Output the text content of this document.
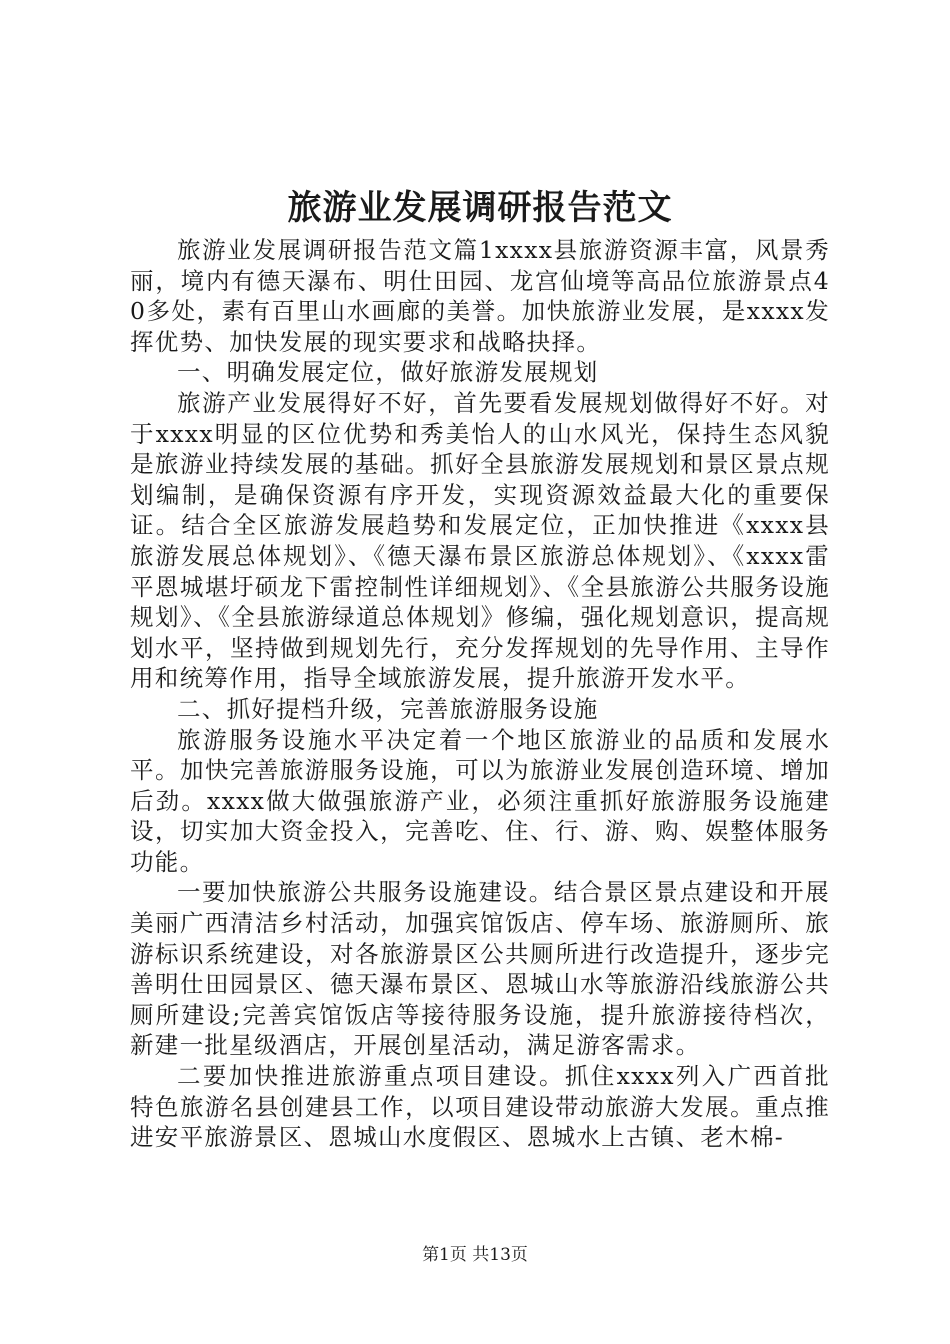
旅游业发展调研报告范文

旅游业发展调研报告范文篇1xxxx县旅游资源丰富，风景秀丽，境内有德天瀑布、明仕田园、龙宫仙境等高品位旅游景点40多处，素有百里山水画廊的美誉。加快旅游业发展，是xxxx发挥优势、加快发展的现实要求和战略抉择。

一、明确发展定位，做好旅游发展规划

旅游产业发展得好不好，首先要看发展规划做得好不好。对于xxxx明显的区位优势和秀美怡人的山水风光，保持生态风貌是旅游业持续发展的基础。抓好全县旅游发展规划和景区景点规划编制，是确保资源有序开发，实现资源效益最大化的重要保证。结合全区旅游发展趋势和发展定位，正加快推进《xxxx县旅游发展总体规划》、《德天瀑布景区旅游总体规划》、《xxxx雷平恩城堪圩硕龙下雷控制性详细规划》、《全县旅游公共服务设施规划》、《全县旅游绿道总体规划》修编，强化规划意识，提高规划水平，坚持做到规划先行，充分发挥规划的先导作用、主导作用和统筹作用，指导全域旅游发展，提升旅游开发水平。

二、抓好提档升级，完善旅游服务设施

旅游服务设施水平决定着一个地区旅游业的品质和发展水平。加快完善旅游服务设施，可以为旅游业发展创造环境、增加后劲。xxxx做大做强旅游产业，必须注重抓好旅游服务设施建设，切实加大资金投入，完善吃、住、行、游、购、娱整体服务功能。

一要加快旅游公共服务设施建设。结合景区景点建设和开展美丽广西清洁乡村活动，加强宾馆饭店、停车场、旅游厕所、旅游标识系统建设，对各旅游景区公共厕所进行改造提升，逐步完善明仕田园景区、德天瀑布景区、恩城山水等旅游沿线旅游公共厕所建设;完善宾馆饭店等接待服务设施，提升旅游接待档次，新建一批星级酒店，开展创星活动，满足游客需求。

二要加快推进旅游重点项目建设。抓住xxxx列入广西首批特色旅游名县创建县工作，以项目建设带动旅游大发展。重点推进安平旅游景区、恩城山水度假区、恩城水上古镇、老木棉-

第1页 共13页
